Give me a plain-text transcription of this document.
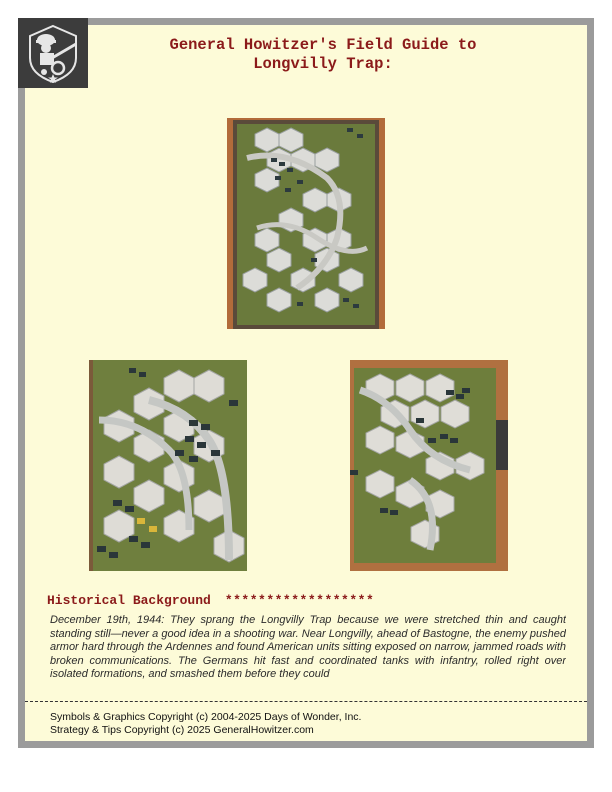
General Howitzer's Field Guide to
Longvilly Trap:
Historical Background ******************

December 19th, 1944: They sprang the Longvilly Trap because we were stretched thin and caught standing still—never a good idea in a shooting war. Near Longvilly, ahead of Bastogne, the enemy pushed armor hard through the Ardennes and found American units sitting exposed on narrow, jammed roads with broken communications. The Germans hit fast and coordinated tanks with infantry, rolled right over isolated formations, and smashed them before they could

Symbols & Graphics Copyright (c) 2004-2025 Days of Wonder, Inc.
Strategy & Tips Copyright (c) 2025 GeneralHowitzer.com
